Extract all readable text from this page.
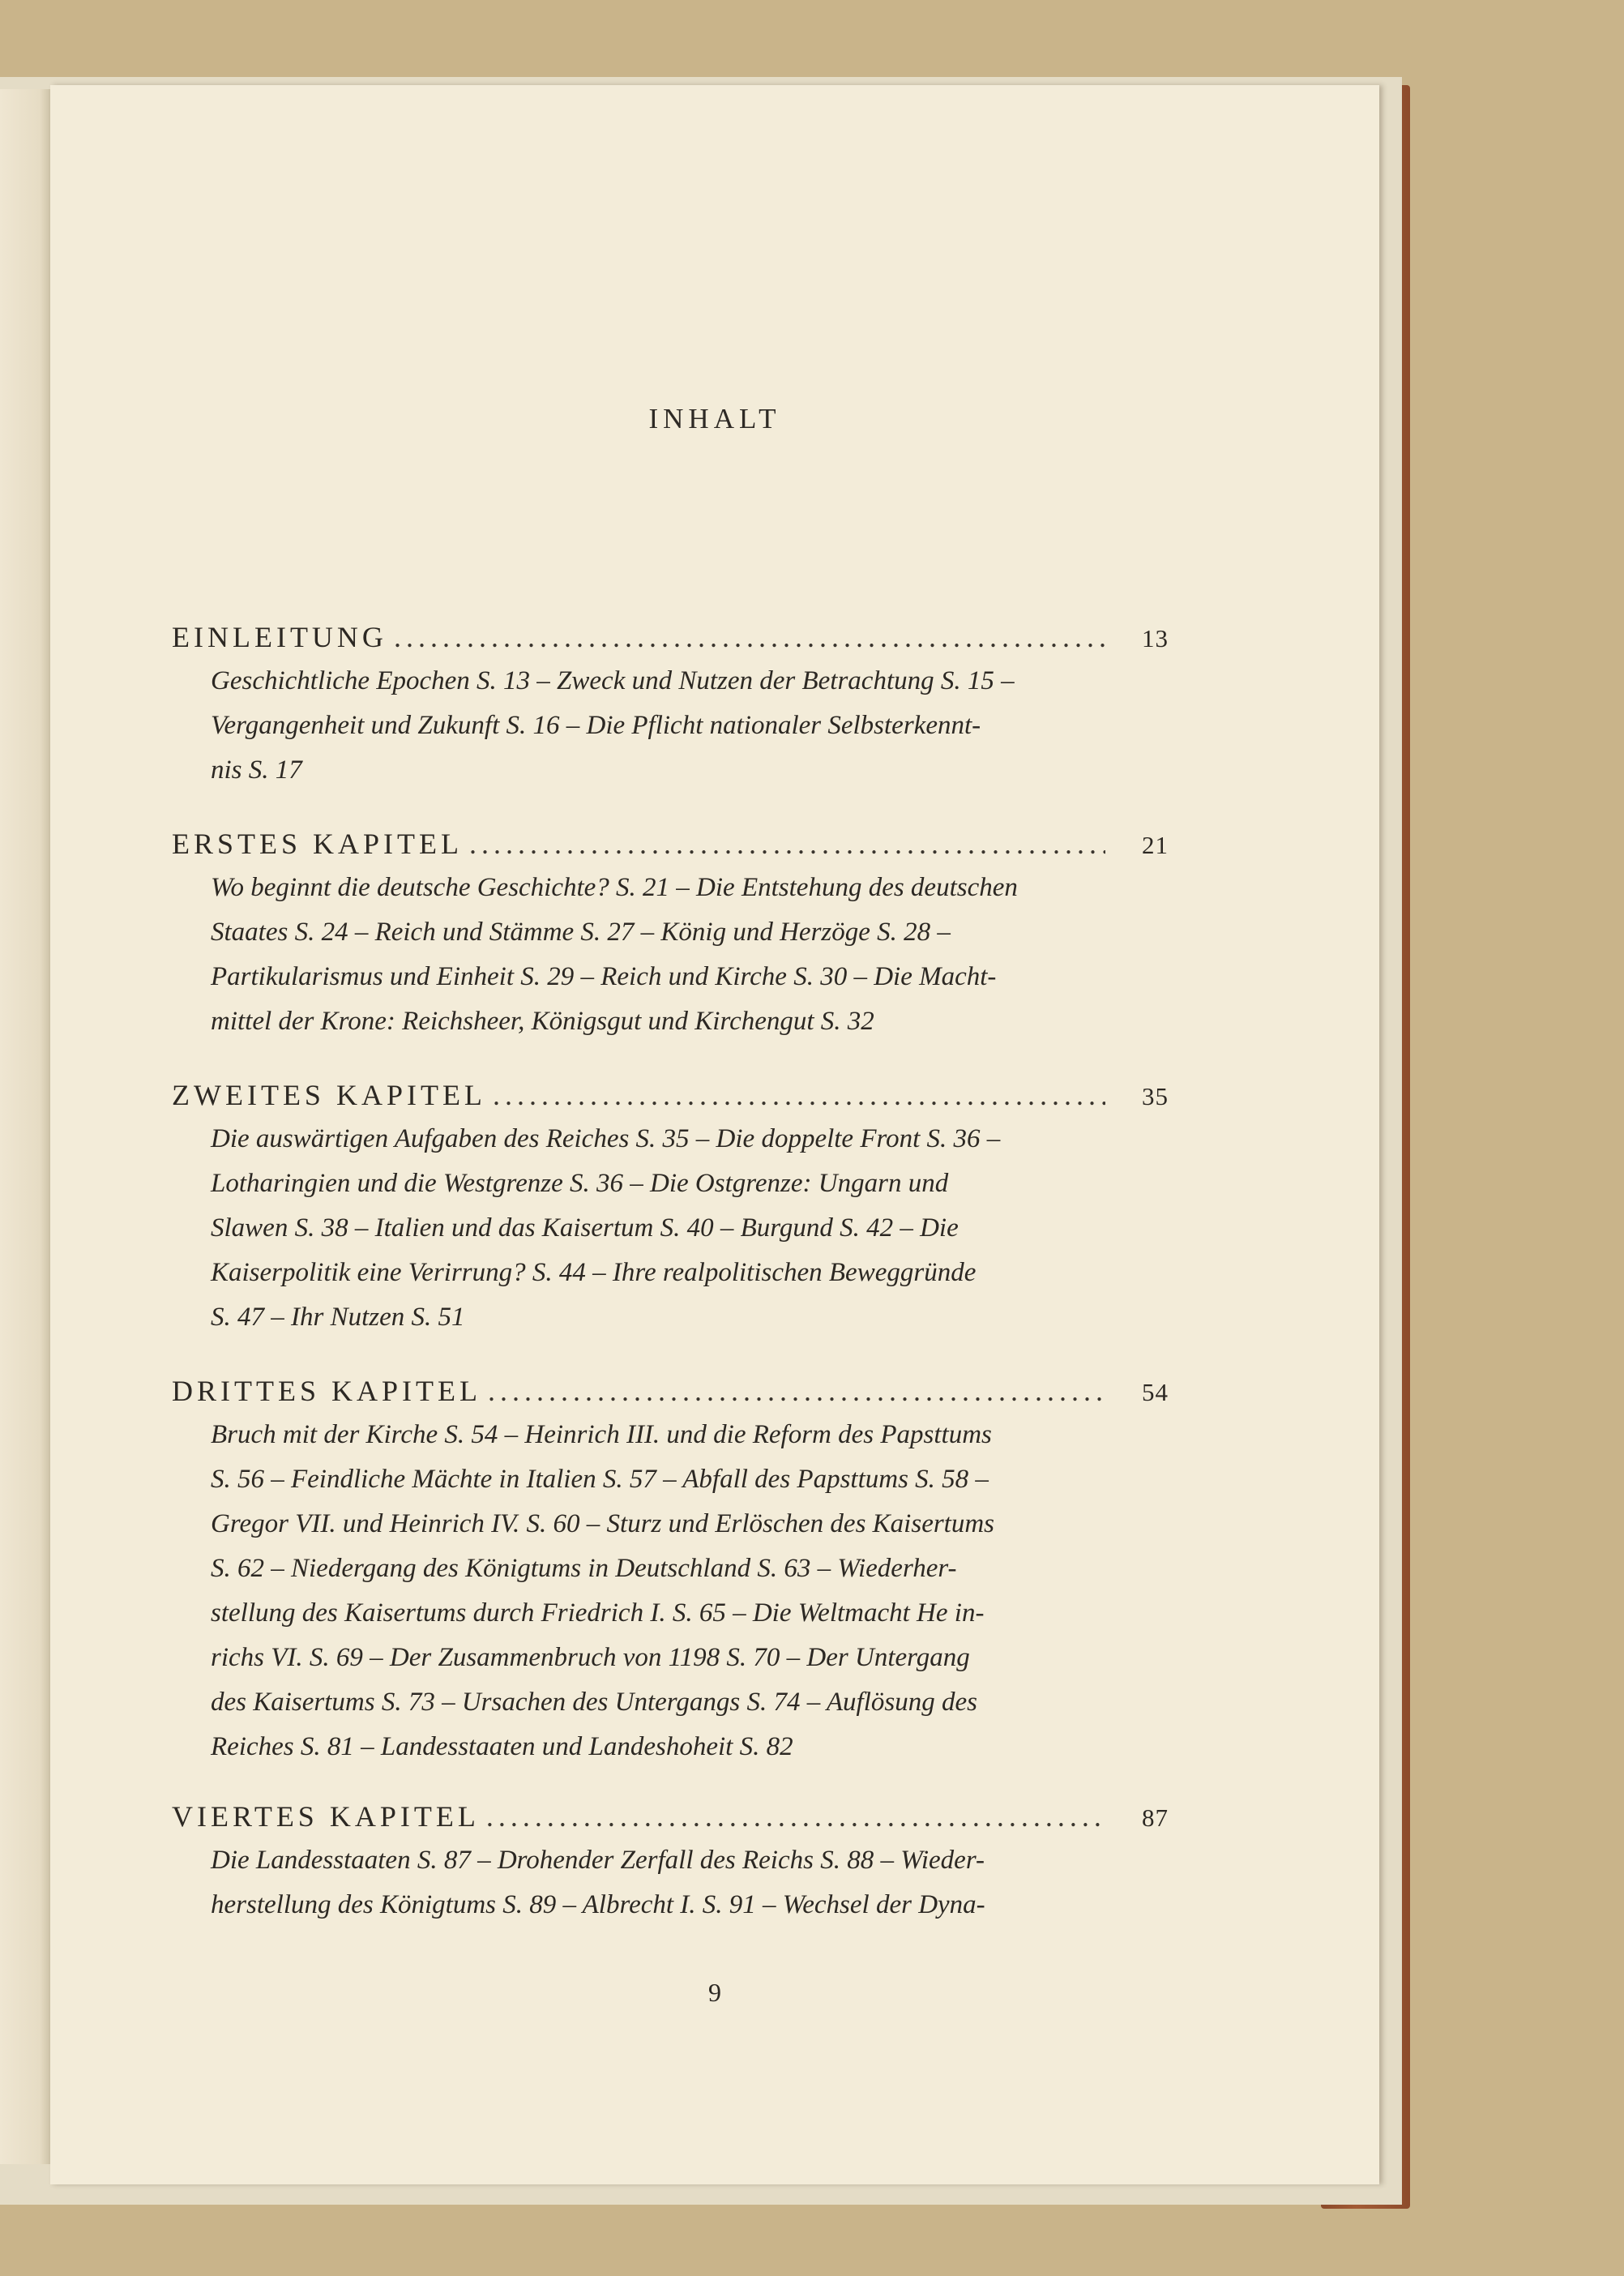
INHALT
EINLEITUNG .....	13
Geschichtliche Epochen S. 13 – Zweck und Nutzen der Betrachtung S. 15 –
Vergangenheit und Zukunft S. 16 – Die Pflicht nationaler Selbsterkennt-
nis S. 17
ERSTES KAPITEL .....	21
Wo beginnt die deutsche Geschichte? S. 21 – Die Entstehung des deutschen
Staates S. 24 – Reich und Stämme S. 27 – König und Herzöge S. 28 –
Partikularismus und Einheit S. 29 – Reich und Kirche S. 30 – Die Macht-
mittel der Krone: Reichsheer, Königsgut und Kirchengut S. 32
ZWEITES KAPITEL .....	35
Die auswärtigen Aufgaben des Reiches S. 35 – Die doppelte Front S. 36 –
Lotharingien und die Westgrenze S. 36 – Die Ostgrenze: Ungarn und
Slawen S. 38 – Italien und das Kaisertum S. 40 – Burgund S. 42 – Die
Kaiserpolitik eine Verirrung? S. 44 – Ihre realpolitischen Beweggründe
S. 47 – Ihr Nutzen S. 51
DRITTES KAPITEL .....	54
Bruch mit der Kirche S. 54 – Heinrich III. und die Reform des Papsttums
S. 56 – Feindliche Mächte in Italien S. 57 – Abfall des Papsttums S. 58 –
Gregor VII. und Heinrich IV. S. 60 – Sturz und Erlöschen des Kaisertums
S. 62 – Niedergang des Königtums in Deutschland S. 63 – Wiederher-
stellung des Kaisertums durch Friedrich I. S. 65 – Die Weltmacht He in-
richs VI. S. 69 – Der Zusammenbruch von 1198 S. 70 – Der Untergang
des Kaisertums S. 73 – Ursachen des Untergangs S. 74 – Auflösung des
Reiches S. 81 – Landesstaaten und Landeshoheit S. 82
VIERTES KAPITEL .....	87
Die Landesstaaten S. 87 – Drohender Zerfall des Reichs S. 88 – Wieder-
herstellung des Königtums S. 89 – Albrecht I. S. 91 – Wechsel der Dyna-
9
